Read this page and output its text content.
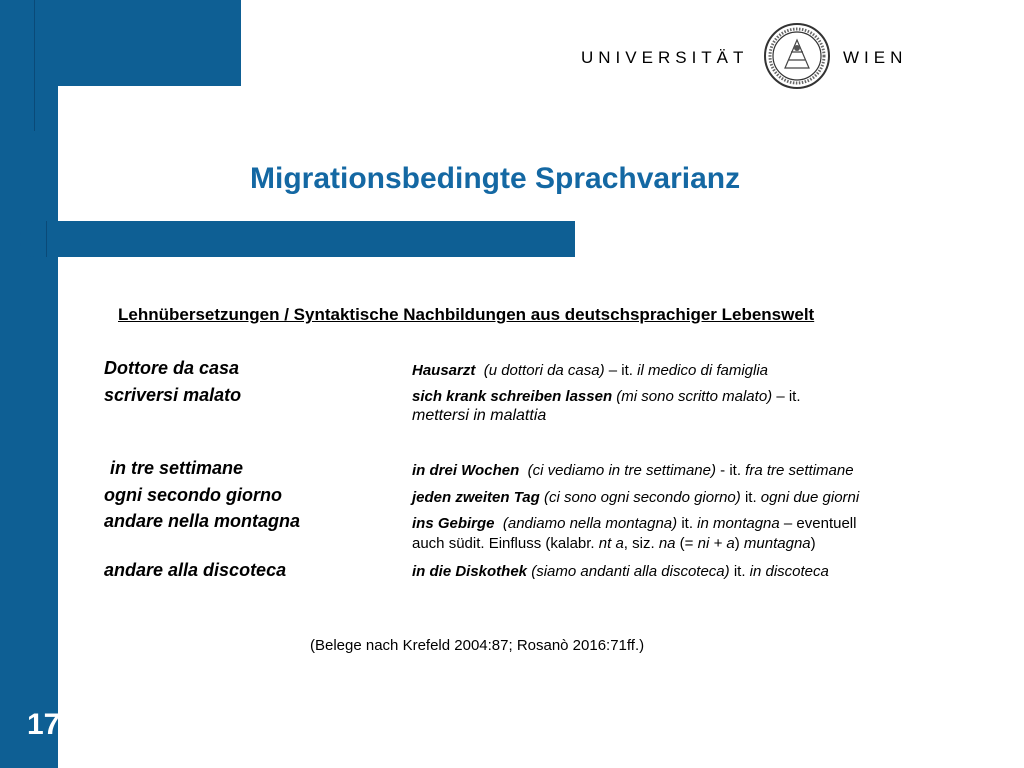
UNIVERSITÄT	WIEN
Migrationsbedingte Sprachvarianz
Lehnübersetzungen / Syntaktische Nachbildungen aus deutschsprachiger Lebenswelt
Dottore da casa	Hausarzt (u dottori da casa) – it. il medico di famiglia
scriversi malato	sich krank schreiben lassen (mi sono scritto malato) – it.
mettersi in malattia
in tre settimane	in drei Wochen (ci vediamo in tre settimane) - it. fra tre settimane
ogni secondo giorno	jeden zweiten Tag (ci sono ogni secondo giorno) it. ogni due giorni
andare nella montagna	ins Gebirge (andiamo nella montagna) it. in montagna – eventuell
auch südit. Einfluss (kalabr. nt a, siz. na (= ni + a) muntagna)
andare alla discoteca	in die Diskothek (siamo andanti alla discoteca) it. in discoteca
(Belege nach Krefeld 2004:87; Rosanò 2016:71ff.)
17
